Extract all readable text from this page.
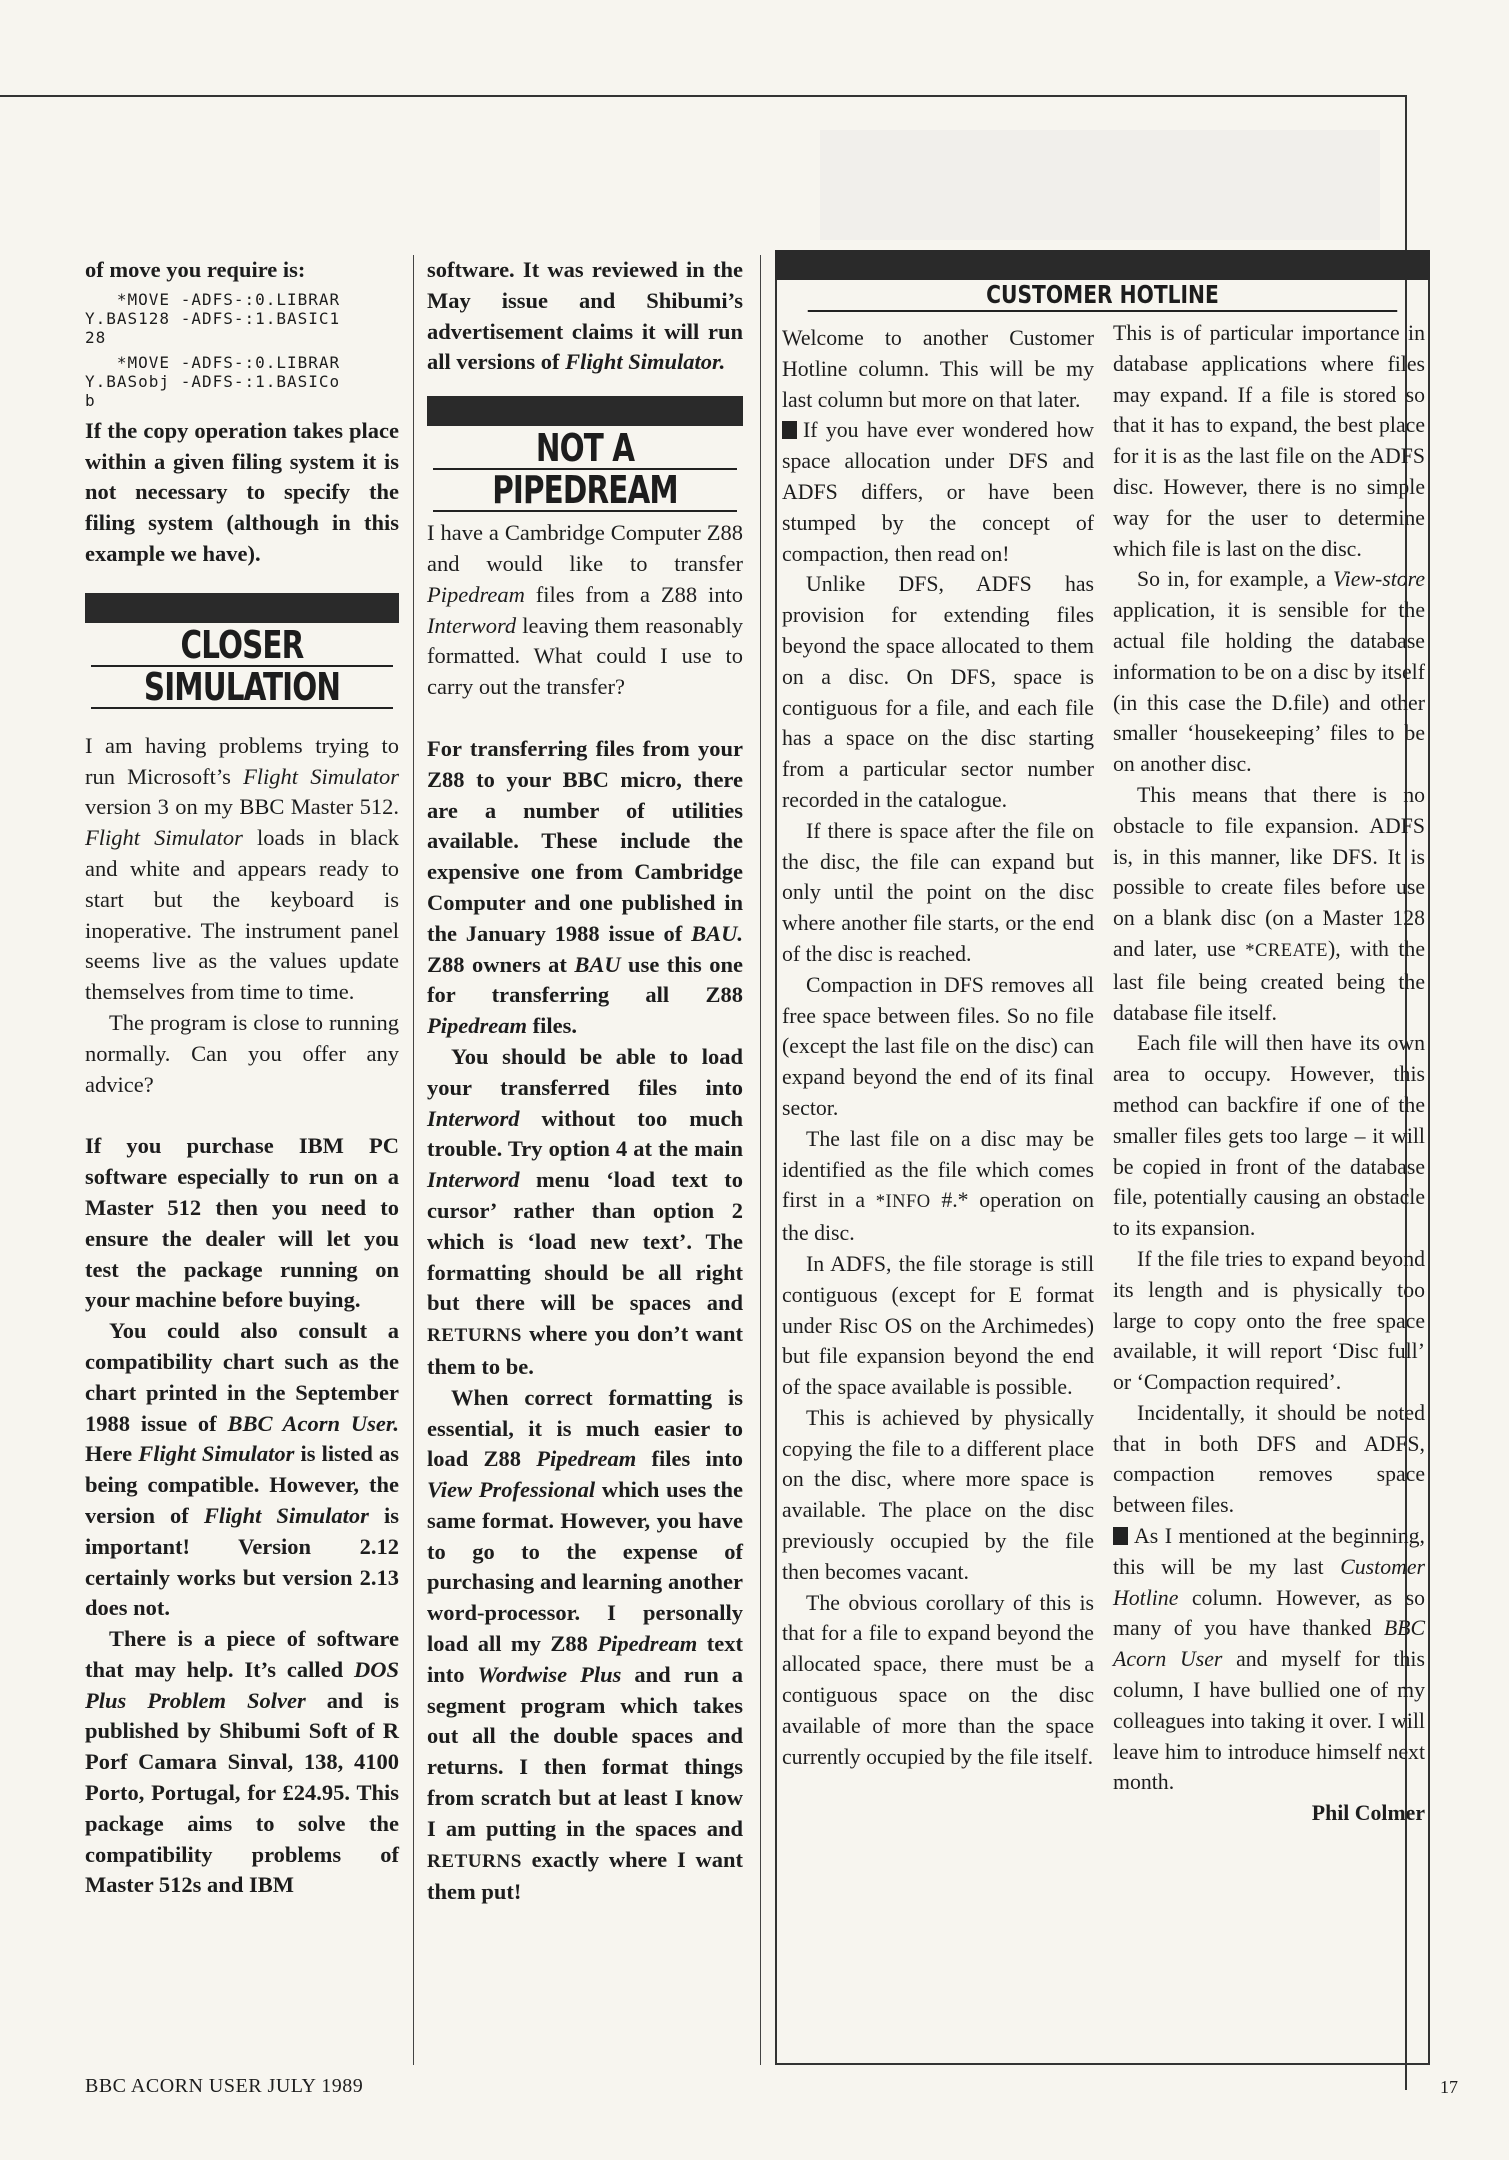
of move you require is:

*MOVE -ADFS-:0.LIBRAR
Y.BAS128 -ADFS-:1.BASIC1
28
*MOVE -ADFS-:0.LIBRAR
Y.BASobj -ADFS-:1.BASICo
b

If the copy operation takes place within a given filing system it is not necessary to specify the filing system (although in this example we have).

CLOSER
SIMULATION

I am having problems trying to run Microsoft’s Flight Simulator version 3 on my BBC Master 512. Flight Simulator loads in black and white and appears ready to start but the keyboard is inoperative. The instrument panel seems live as the values update themselves from time to time.

The program is close to running normally. Can you offer any advice?

If you purchase IBM PC software especially to run on a Master 512 then you need to ensure the dealer will let you test the package running on your machine before buying.

You could also consult a compatibility chart such as the chart printed in the September 1988 issue of BBC Acorn User. Here Flight Simulator is listed as being compatible. However, the version of Flight Simulator is important! Version 2.12 certainly works but version 2.13 does not.

There is a piece of software that may help. It’s called DOS Plus Problem Solver and is published by Shibumi Soft of R Porf Camara Sinval, 138, 4100 Porto, Portugal, for £24.95. This package aims to solve the compatibility problems of Master 512s and IBM

software. It was reviewed in the May issue and Shibumi’s advertisement claims it will run all versions of Flight Simulator.

NOT A
PIPEDREAM

I have a Cambridge Computer Z88 and would like to transfer Pipedream files from a Z88 into Interword leaving them reasonably formatted. What could I use to carry out the transfer?

For transferring files from your Z88 to your BBC micro, there are a number of utilities available. These include the expensive one from Cambridge Computer and one published in the January 1988 issue of BAU. Z88 owners at BAU use this one for transferring all Z88 Pipedream files.

You should be able to load your transferred files into Interword without too much trouble. Try option 4 at the main Interword menu ‘load text to cursor’ rather than option 2 which is ‘load new text’. The formatting should be all right but there will be spaces and RETURNS where you don’t want them to be.

When correct formatting is essential, it is much easier to load Z88 Pipedream files into View Professional which uses the same format. However, you have to go to the expense of purchasing and learning another word-processor. I personally load all my Z88 Pipedream text into Wordwise Plus and run a segment program which takes out all the double spaces and returns. I then format things from scratch but at least I know I am putting in the spaces and RETURNS exactly where I want them put!

CUSTOMER HOTLINE

Welcome to another Customer Hotline column. This will be my last column but more on that later.

If you have ever wondered how space allocation under DFS and ADFS differs, or have been stumped by the concept of compaction, then read on!

Unlike DFS, ADFS has provision for extending files beyond the space allocated to them on a disc. On DFS, space is contiguous for a file, and each file has a space on the disc starting from a particular sector number recorded in the catalogue.

If there is space after the file on the disc, the file can expand but only until the point on the disc where another file starts, or the end of the disc is reached.

Compaction in DFS removes all free space between files. So no file (except the last file on the disc) can expand beyond the end of its final sector.

The last file on a disc may be identified as the file which comes first in a *INFO #.* operation on the disc.

In ADFS, the file storage is still contiguous (except for E format under Risc OS on the Archimedes) but file expansion beyond the end of the space available is possible.

This is achieved by physically copying the file to a different place on the disc, where more space is available. The place on the disc previously occupied by the file then becomes vacant.

The obvious corollary of this is that for a file to expand beyond the allocated space, there must be a contiguous space on the disc available of more than the space currently occupied by the file itself.

This is of particular importance in database applications where files may expand. If a file is stored so that it has to expand, the best place for it is as the last file on the ADFS disc. However, there is no simple way for the user to determine which file is last on the disc.

So in, for example, a View-store application, it is sensible for the actual file holding the database information to be on a disc by itself (in this case the D.file) and other smaller ‘housekeeping’ files to be on another disc.

This means that there is no obstacle to file expansion. ADFS is, in this manner, like DFS. It is possible to create files before use on a blank disc (on a Master 128 and later, use *CREATE), with the last file being created being the database file itself.

Each file will then have its own area to occupy. However, this method can backfire if one of the smaller files gets too large – it will be copied in front of the database file, potentially causing an obstacle to its expansion.

If the file tries to expand beyond its length and is physically too large to copy onto the free space available, it will report ‘Disc full’ or ‘Compaction required’.

Incidentally, it should be noted that in both DFS and ADFS, compaction removes space between files.

As I mentioned at the beginning, this will be my last Customer Hotline column. However, as so many of you have thanked BBC Acorn User and myself for this column, I have bullied one of my colleagues into taking it over. I will leave him to introduce himself next month.

Phil Colmer

BBC ACORN USER JULY 1989	17
